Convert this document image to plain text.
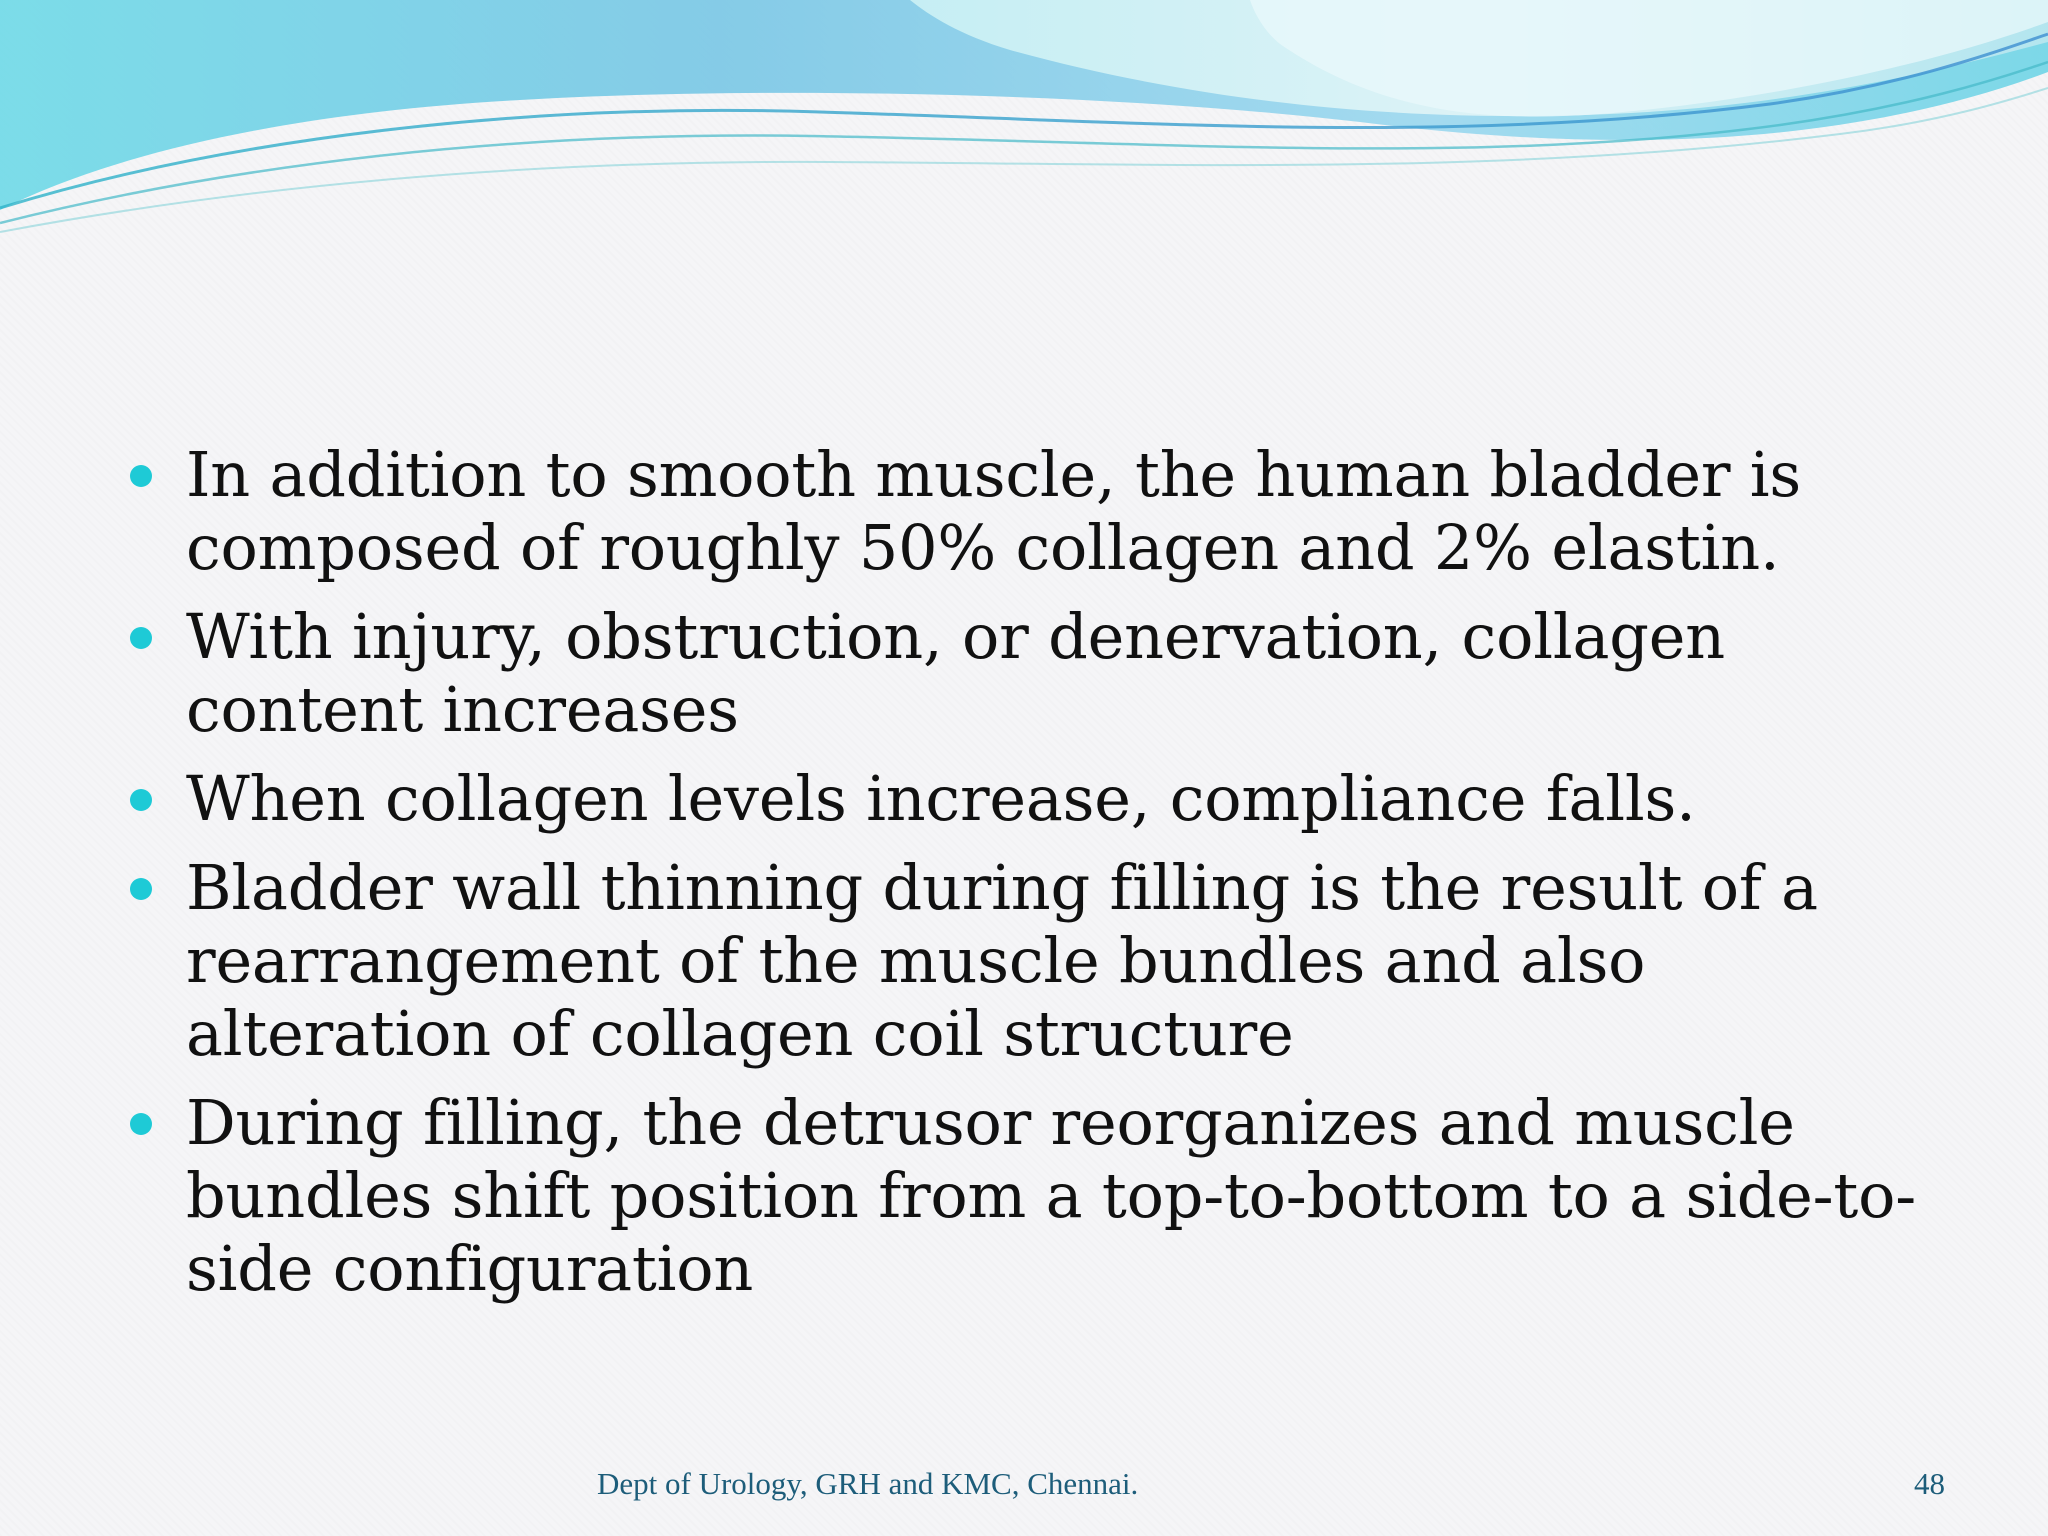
In addition to smooth muscle, the human bladder is composed of roughly 50% collagen and 2% elastin.
With injury, obstruction, or denervation, collagen content increases
When collagen levels increase, compliance falls.
Bladder wall thinning during filling is the result of a rearrangement of the muscle bundles and also alteration of collagen coil structure
During filling, the detrusor reorganizes and muscle bundles shift position from a top-to-bottom to a side-to-side configuration
Dept of Urology, GRH and KMC, Chennai.	48
